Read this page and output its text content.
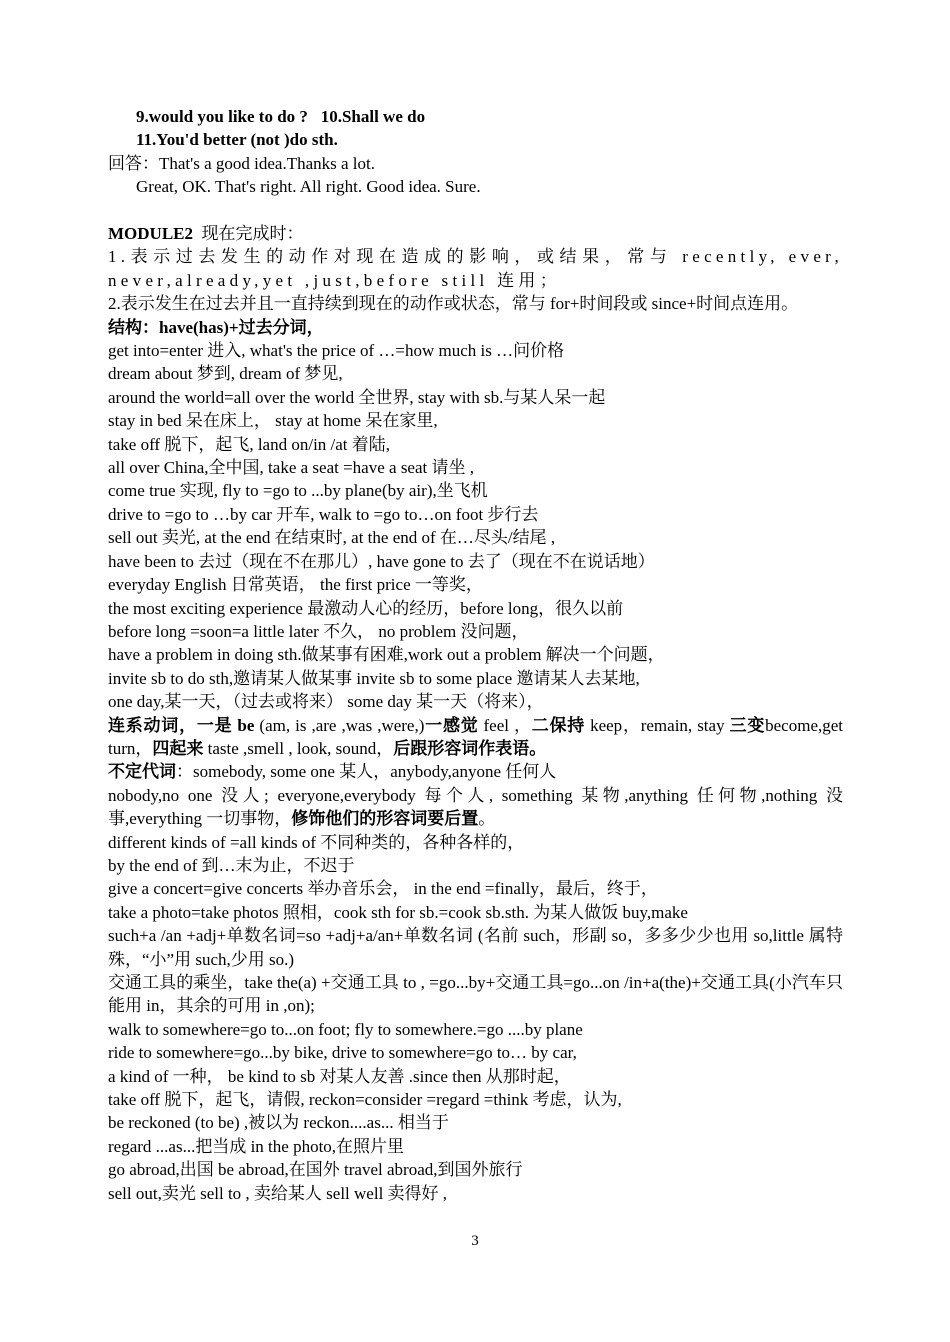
9.would you like to do ? 10.Shall we do
11.You'd better (not )do sth.
回答：That's a good idea.Thanks a lot.
Great, OK. That's right. All right. Good idea. Sure.
MODULE2 现在完成时：
1.表示过去发生的动作对现在造成的影响，或结果，常与 recently, ever, never,already,yet ,just,before still 连用；
2.表示发生在过去并且一直持续到现在的动作或状态，常与 for+时间段或 since+时间点连用。
结构：have(has)+过去分词，
get into=enter 进入, what's the price of …=how much is …问价格
dream about 梦到, dream of 梦见,
around the world=all over the world 全世界, stay with sb.与某人呆一起
stay in bed 呆在床上， stay at home 呆在家里,
take off 脱下，起飞, land on/in /at 着陆,
all over China,全中国, take a seat =have a seat 请坐 ,
come true 实现, fly to =go to ...by plane(by air),坐飞机
drive to =go to …by car 开车, walk to =go to…on foot 步行去
sell out 卖光, at the end 在结束时, at the end of 在…尽头/结尾 ,
have been to 去过（现在不在那儿）, have gone to 去了（现在不在说话地）
everyday English 日常英语， the first price 一等奖，
the most exciting experience 最激动人心的经历，before long，很久以前
before long =soon=a little later 不久， no problem 没问题，
have a problem in doing sth.做某事有困难,work out a problem 解决一个问题，
invite sb to do sth,邀请某人做某事 invite sb to some place 邀请某人去某地,
one day,某一天，（过去或将来） some day 某一天（将来），
连系动词，一是 be (am, is ,are ,was ,were,)一感觉 feel ，二保持 keep，remain, stay 三变become,get turn，四起来 taste ,smell , look, sound，后跟形容词作表语。
不定代词：somebody, some one 某人，anybody,anyone 任何人
nobody,no one 没人; everyone,everybody 每个人, something 某物,anything 任何物,nothing 没事,everything 一切事物，修饰他们的形容词要后置。
different kinds of =all kinds of 不同种类的，各种各样的，
by the end of 到…末为止，不迟于
give a concert=give concerts 举办音乐会， in the end =finally，最后，终于，
take a photo=take photos 照相，cook sth for sb.=cook sb.sth. 为某人做饭 buy,make
such+a /an +adj+单数名词=so +adj+a/an+单数名词 (名前 such，形副 so，多多少少也用 so,little 属特殊，“小”用 such,少用 so.)
交通工具的乘坐，take the(a) +交通工具 to , =go...by+交通工具=go...on /in+a(the)+交通工具(小汽车只能用 in，其余的可用 in ,on);
walk to somewhere=go to...on foot; fly to somewhere.=go ....by plane
ride to somewhere=go...by bike, drive to somewhere=go to… by car,
a kind of 一种， be kind to sb 对某人友善 .since then 从那时起，
take off 脱下，起飞，请假, reckon=consider =regard =think 考虑，认为,
be reckoned (to be) ,被以为 reckon....as... 相当于
regard ...as...把当成 in the photo,在照片里
go abroad,出国 be abroad,在国外 travel abroad,到国外旅行
sell out,卖光 sell to , 卖给某人 sell well 卖得好 ,
3
